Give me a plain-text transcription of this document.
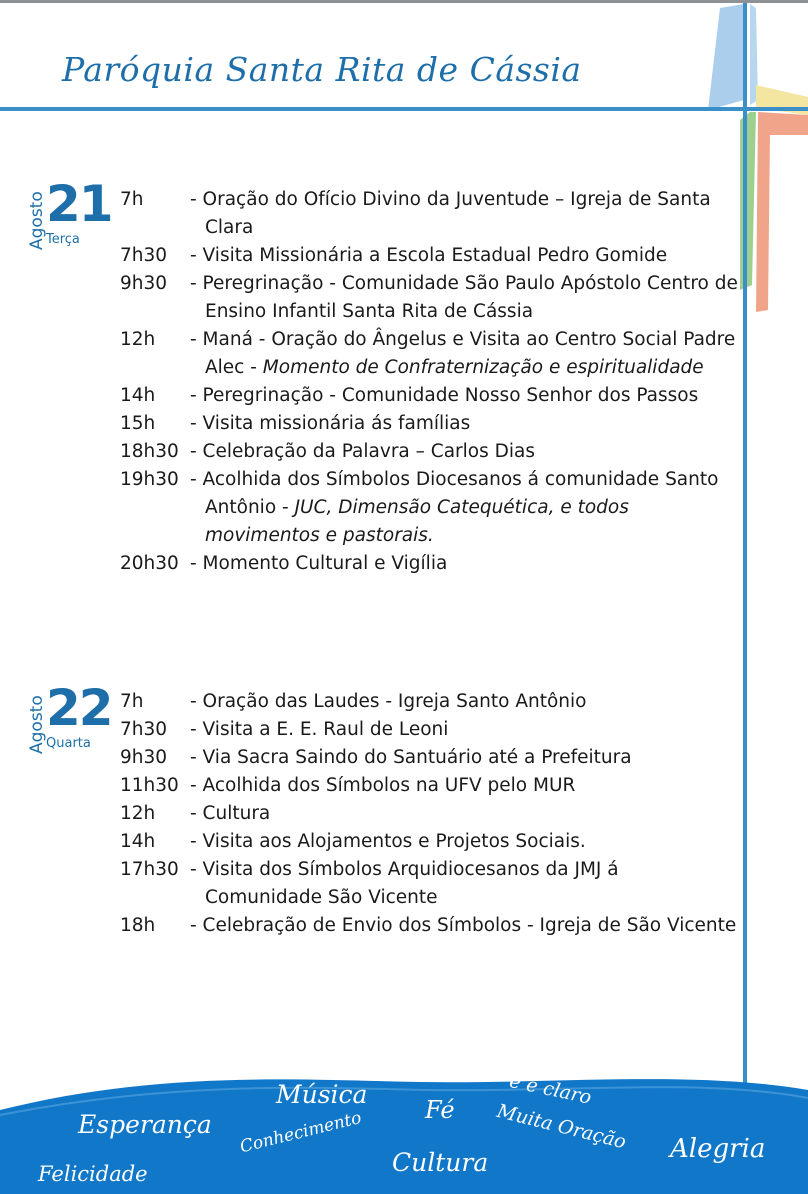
Paróquia Santa Rita de Cássia
Agosto 21
Terça
7h	- Oração do Ofício Divino da Juventude – Igreja de Santa Clara
7h30	- Visita Missionária a Escola Estadual Pedro Gomide
9h30	- Peregrinação - Comunidade São Paulo Apóstolo Centro de Ensino Infantil Santa Rita de Cássia
12h	- Maná - Oração do Ângelus e Visita ao Centro Social Padre Alec - Momento de Confraternização e espiritualidade
14h	- Peregrinação - Comunidade Nosso Senhor dos Passos
15h	- Visita missionária ás famílias
18h30 - Celebração da Palavra – Carlos Dias
19h30 - Acolhida dos Símbolos Diocesanos á comunidade Santo Antônio - JUC, Dimensão Catequética, e todos movimentos e pastorais.
20h30 - Momento Cultural e Vigília
Agosto 22
Quarta
7h	- Oração das Laudes - Igreja Santo Antônio
7h30	- Visita a E. E. Raul de Leoni
9h30	- Via Sacra Saindo do Santuário até a Prefeitura
11h30 - Acolhida dos Símbolos na UFV pelo MUR
12h	- Cultura
14h	- Visita aos Alojamentos e Projetos Sociais.
17h30 - Visita dos Símbolos Arquidiocesanos da JMJ á Comunidade São Vicente
18h	- Celebração de Envio dos Símbolos - Igreja de São Vicente
Esperança
Felicidade
Música
Conhecimento	Fé
Cultura
e é claro
Muita Oração Alegria
